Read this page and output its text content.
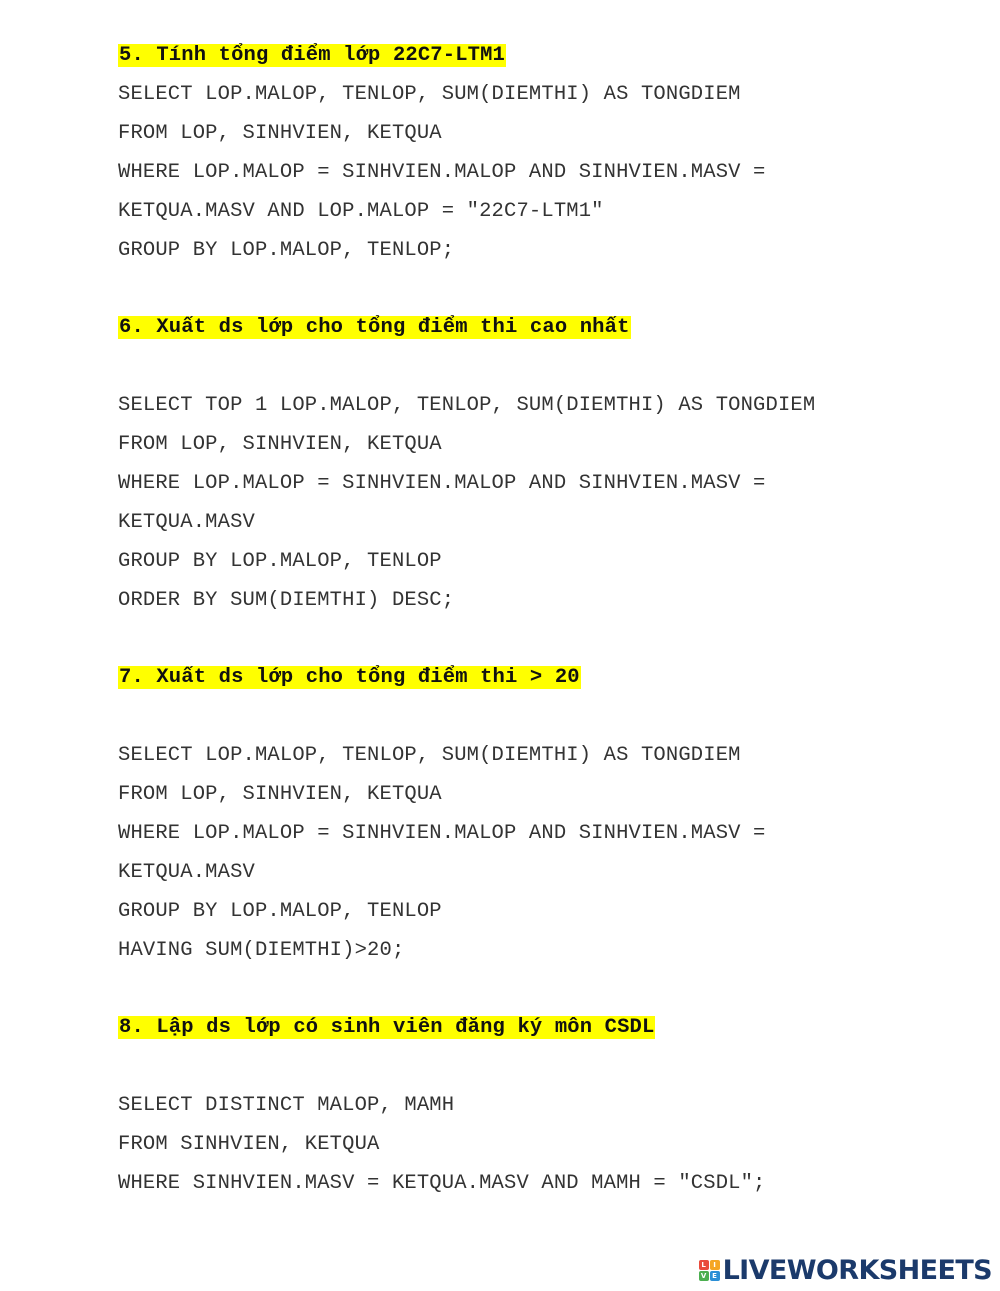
5. Tính tổng điểm lớp 22C7-LTM1
SELECT LOP.MALOP, TENLOP, SUM(DIEMTHI) AS TONGDIEM
FROM LOP, SINHVIEN, KETQUA
WHERE LOP.MALOP = SINHVIEN.MALOP AND SINHVIEN.MASV =
KETQUA.MASV AND LOP.MALOP = "22C7-LTM1"
GROUP BY LOP.MALOP, TENLOP;
6. Xuất ds lớp cho tổng điểm thi cao nhất
SELECT TOP 1 LOP.MALOP, TENLOP, SUM(DIEMTHI) AS TONGDIEM
FROM LOP, SINHVIEN, KETQUA
WHERE LOP.MALOP = SINHVIEN.MALOP AND SINHVIEN.MASV =
KETQUA.MASV
GROUP BY LOP.MALOP, TENLOP
ORDER BY SUM(DIEMTHI) DESC;
7. Xuất ds lớp cho tổng điểm thi > 20
SELECT LOP.MALOP, TENLOP, SUM(DIEMTHI) AS TONGDIEM
FROM LOP, SINHVIEN, KETQUA
WHERE LOP.MALOP = SINHVIEN.MALOP AND SINHVIEN.MASV =
KETQUA.MASV
GROUP BY LOP.MALOP, TENLOP
HAVING SUM(DIEMTHI)>20;
8. Lập ds lớp có sinh viên đăng ký môn CSDL
SELECT DISTINCT MALOP, MAMH
FROM SINHVIEN, KETQUA
WHERE SINHVIEN.MASV = KETQUA.MASV AND MAMH = "CSDL";
L	I
V E LIVEWORKSHEETS
